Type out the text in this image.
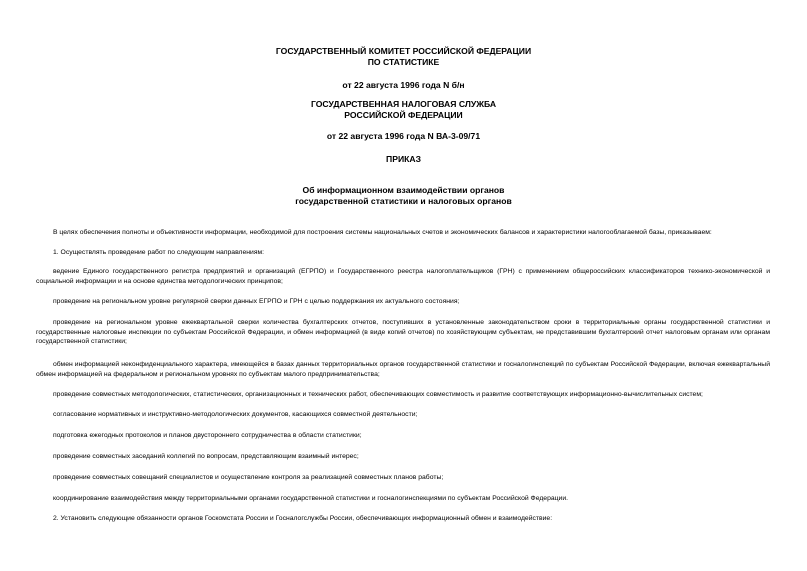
ГОСУДАРСТВЕННЫЙ КОМИТЕТ РОССИЙСКОЙ ФЕДЕРАЦИИ
ПО СТАТИСТИКЕ
от 22 августа 1996 года N б/н
ГОСУДАРСТВЕННАЯ НАЛОГОВАЯ СЛУЖБА
РОССИЙСКОЙ ФЕДЕРАЦИИ
от 22 августа 1996 года N ВА-3-09/71
ПРИКАЗ
Об информационном взаимодействии органов
государственной статистики и налоговых органов

В целях обеспечения полноты и объективности информации, необходимой для построения системы национальных счетов и экономических балансов и характеристики налогооблагаемой базы, приказываем:

1. Осуществлять проведение работ по следующим направлениям:

ведение Единого государственного регистра предприятий и организаций (ЕГРПО) и Государственного реестра налогоплательщиков (ГРН) с применением общероссийских классификаторов технико-экономической и социальной информации и на основе единства методологических принципов;

проведение на региональном уровне регулярной сверки данных ЕГРПО и ГРН с целью поддержания их актуального состояния;

проведение на региональном уровне ежеквартальной сверки количества бухгалтерских отчетов, поступивших в установленные законодательством сроки в территориальные органы государственной статистики и государственные налоговые инспекции по субъектам Российской Федерации, и обмен информацией (в виде копий отчетов) по хозяйствующим субъектам, не представившим бухгалтерский отчет налоговым органам или органам государственной статистики;

обмен информацией неконфиденциального характера, имеющейся в базах данных территориальных органов государственной статистики и госналогинспекций по субъектам Российской Федерации, включая ежеквартальный обмен информацией на федеральном и региональном уровнях по субъектам малого предпринимательства;

проведение совместных методологических, статистических, организационных и технических работ, обеспечивающих совместимость и развитие соответствующих информационно-вычислительных систем;

согласование нормативных и инструктивно-методологических документов, касающихся совместной деятельности;

подготовка ежегодных протоколов и планов двустороннего сотрудничества в области статистики;

проведение совместных заседаний коллегий по вопросам, представляющим взаимный интерес;

проведение совместных совещаний специалистов и осуществление контроля за реализацией совместных планов работы;

координирование взаимодействия между территориальными органами государственной статистики и госналогинспекциями по субъектам Российской Федерации.

2. Установить следующие обязанности органов Госкомстата России и Госналогслужбы России, обеспечивающих информационный обмен и взаимодействие:
